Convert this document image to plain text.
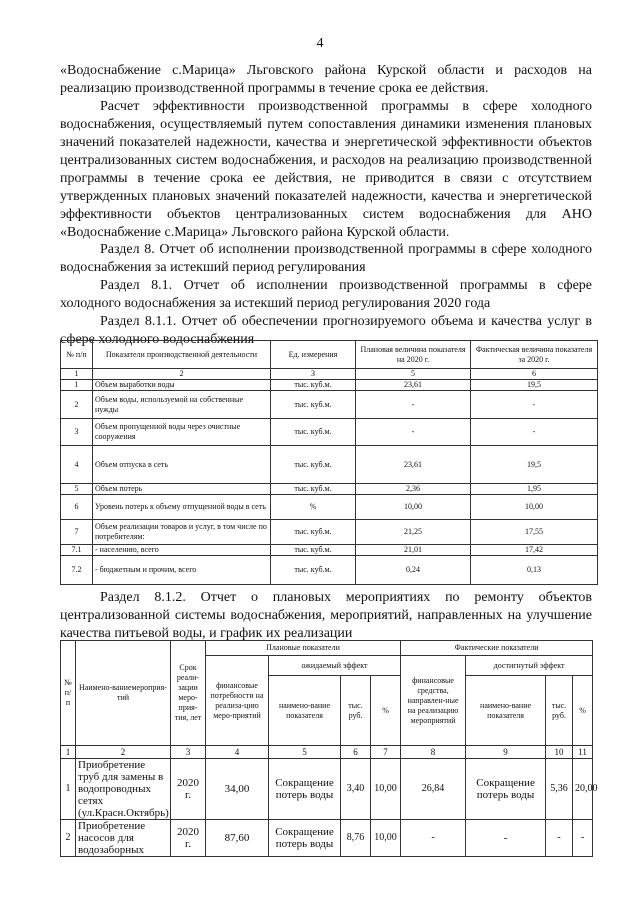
4

«Водоснабжение с.Марица» Льговского района Курской области и расходов на реализацию производственной программы в течение срока ее действия.

Расчет эффективности производственной программы в сфере холодного водоснабжения, осуществляемый путем сопоставления динамики изменения плановых значений показателей надежности, качества и энергетической эффективности объектов централизованных систем водоснабжения, и расходов на реализацию производственной программы в течение срока ее действия, не приводится в связи с отсутствием утвержденных плановых значений показателей надежности, качества и энергетической эффективности объектов централизованных систем водоснабжения для АНО «Водоснабжение с.Марица» Льговского района Курской области.

Раздел 8. Отчет об исполнении производственной программы в сфере холодного водоснабжения за истекший период регулирования

Раздел 8.1. Отчет об исполнении производственной программы в сфере холодного водоснабжения за истекший период регулирования 2020 года

Раздел 8.1.1. Отчет об обеспечении прогнозируемого объема и качества услуг в сфере холодного водоснабжения

№ п/п	Показатели производственной деятельности	Ед. измерения	Плановая величина показателя на 2020 г.	Фактическая величина показателя за 2020 г.
1	2	3	5	6
1	Объем выработки воды	тыс. куб.м.	23,61	19,5
2	Объем воды, используемой на собственные нужды	тыс. куб.м.	-	-
3	Объем пропущенной воды через очистные сооружения	тыс. куб.м.	-	-
4	Объем отпуска в сеть	тыс. куб.м.	23,61	19,5
5	Объем потерь	тыс. куб.м.	2,36	1,95
6	Уровень потерь к объему отпущенной воды в сеть	%	10,00	10,00
7	Объем реализации товаров и услуг, в том числе по потребителям:	тыс. куб.м.	21,25	17,55
7.1	- населению, всего	тыс. куб.м.	21,01	17,42
7.2	- бюджетным и прочим, всего	тыс. куб.м.	0,24	0,13

Раздел 8.1.2. Отчет о плановых мероприятиях по ремонту объектов централизованной системы водоснабжения, мероприятий, направленных на улучшение качества питьевой воды, и график их реализации

№ п/п	Наимено-ваниемероприя-тий	Срок реали-зации меро-прия-тия, лет	Плановые показатели				Фактические показатели			
			финансовые потребности на реализа-цию меро-приятий	ожидаемый эффект			финансовые средства, направлен-ные на реализацию мероприятий	достигнутый эффект		
				наимено-вание показателя	тыс. руб.	%		наимено-вание показателя	тыс. руб.	%
1	2	3	4	5	6	7	8	9	10	11
1	Приобретение труб для замены в водопроводных сетях (ул.Красн.Октябрь)	2020 г.	34,00	Сокращение потерь воды	3,40	10,00	26,84	Сокращение потерь воды	5,36	20,00
2	Приобретение насосов для водозаборных	2020 г.	87,60	Сокращение потерь воды	8,76	10,00	-	-	-	-
